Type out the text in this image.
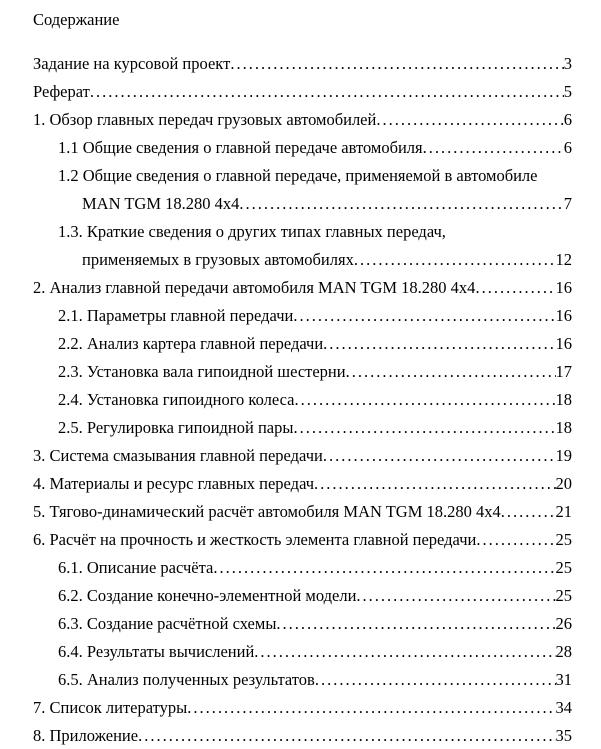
Содержание
Задание на курсовой проект .....	3
Реферат .....	5
1. Обзор главных передач грузовых автомобилей .....	6
1.1 Общие сведения о главной передаче автомобиля .....	6
1.2 Общие сведения о главной передаче, применяемой в автомобиле
MAN TGM 18.280 4x4 .....	7
1.3. Краткие сведения о других типах главных передач,
применяемых в грузовых автомобилях .....	12
2. Анализ главной передачи автомобиля MAN TGM 18.280 4x4 .....	16
2.1. Параметры главной передачи .....	16
2.2. Анализ картера главной передачи .....	16
2.3. Установка вала гипоидной шестерни .....	17
2.4. Установка гипоидного колеса .....	18
2.5. Регулировка гипоидной пары .....	18
3. Система смазывания главной передачи .....	19
4. Материалы и ресурс главных передач .....	20
5. Тягово-динамический расчёт автомобиля MAN TGM 18.280 4x4 .....	21
6. Расчёт на прочность и жесткость элемента главной передачи .....	25
6.1. Описание расчёта .....	25
6.2. Создание конечно-элементной модели .....	25
6.3. Создание расчётной схемы .....	26
6.4. Результаты вычислений .....	28
6.5. Анализ полученных результатов .....	31
7. Список литературы .....	34
8. Приложение .....	35
